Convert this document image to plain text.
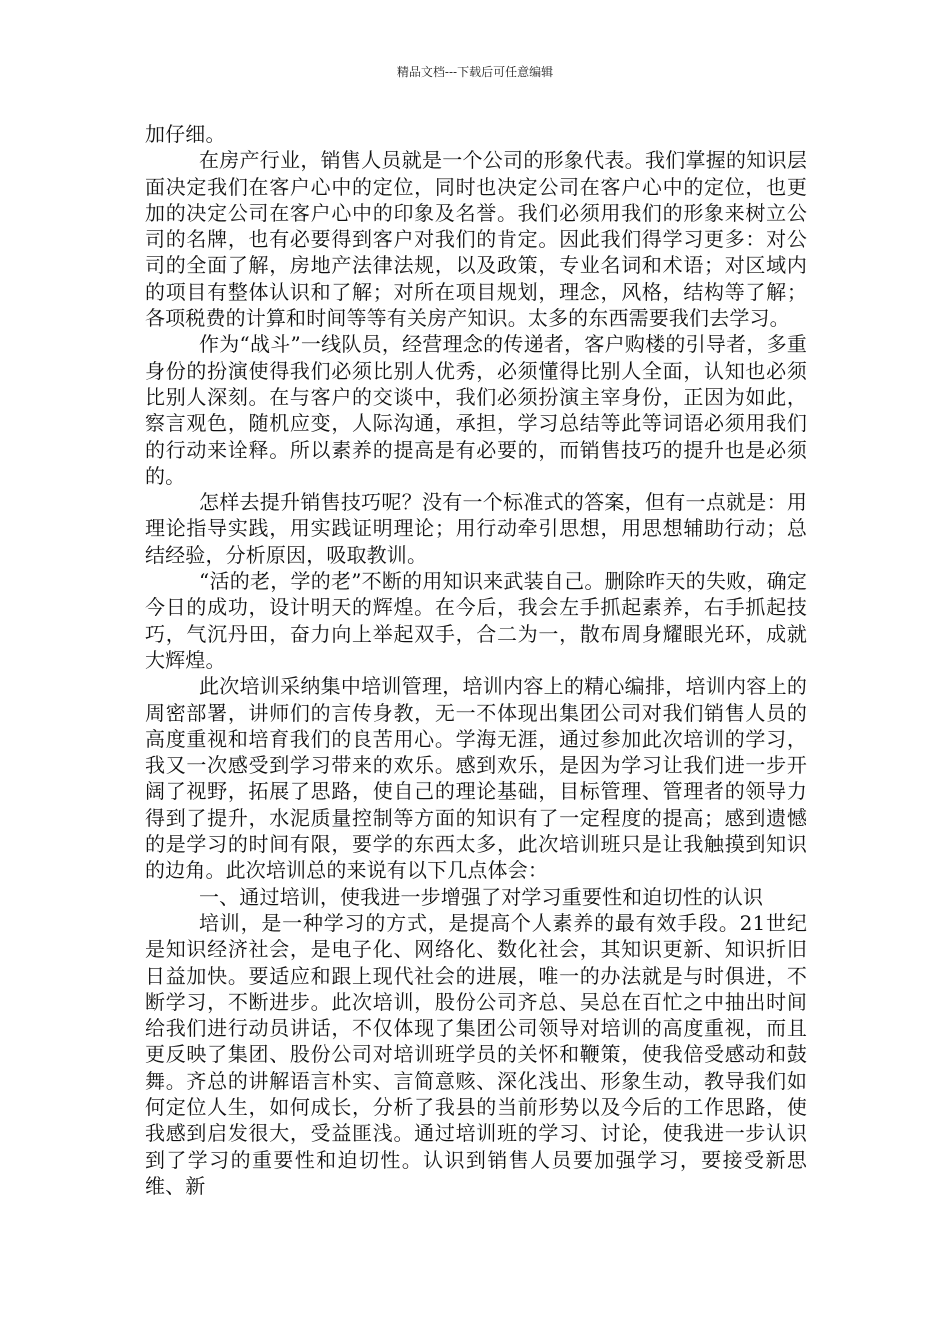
精品文档---下载后可任意编辑

加仔细。

在房产行业，销售人员就是一个公司的形象代表。我们掌握的知识层面决定我们在客户心中的定位，同时也决定公司在客户心中的定位，也更加的决定公司在客户心中的印象及名誉。我们必须用我们的形象来树立公司的名牌，也有必要得到客户对我们的肯定。因此我们得学习更多：对公司的全面了解，房地产法律法规，以及政策，专业名词和术语；对区域内的项目有整体认识和了解；对所在项目规划，理念，风格，结构等了解；各项税费的计算和时间等等有关房产知识。太多的东西需要我们去学习。

作为“战斗”一线队员，经营理念的传递者，客户购楼的引导者，多重身份的扮演使得我们必须比别人优秀，必须懂得比别人全面，认知也必须比别人深刻。在与客户的交谈中，我们必须扮演主宰身份，正因为如此，察言观色，随机应变，人际沟通，承担，学习总结等此等词语必须用我们的行动来诠释。所以素养的提高是有必要的，而销售技巧的提升也是必须的。

怎样去提升销售技巧呢？没有一个标准式的答案，但有一点就是：用理论指导实践，用实践证明理论；用行动牵引思想，用思想辅助行动；总结经验，分析原因，吸取教训。

“活的老，学的老”不断的用知识来武装自己。删除昨天的失败，确定今日的成功，设计明天的辉煌。在今后，我会左手抓起素养，右手抓起技巧，气沉丹田，奋力向上举起双手，合二为一，散布周身耀眼光环，成就大辉煌。

此次培训采纳集中培训管理，培训内容上的精心编排，培训内容上的周密部署，讲师们的言传身教，无一不体现出集团公司对我们销售人员的高度重视和培育我们的良苦用心。学海无涯，通过参加此次培训的学习，我又一次感受到学习带来的欢乐。感到欢乐，是因为学习让我们进一步开阔了视野，拓展了思路，使自己的理论基础，目标管理、管理者的领导力得到了提升，水泥质量控制等方面的知识有了一定程度的提高；感到遗憾的是学习的时间有限，要学的东西太多，此次培训班只是让我触摸到知识的边角。此次培训总的来说有以下几点体会：

一、通过培训，使我进一步增强了对学习重要性和迫切性的认识

培训，是一种学习的方式，是提高个人素养的最有效手段。21世纪是知识经济社会，是电子化、网络化、数化社会，其知识更新、知识折旧日益加快。要适应和跟上现代社会的进展，唯一的办法就是与时俱进，不断学习，不断进步。此次培训，股份公司齐总、吴总在百忙之中抽出时间给我们进行动员讲话，不仅体现了集团公司领导对培训的高度重视，而且更反映了集团、股份公司对培训班学员的关怀和鞭策，使我倍受感动和鼓舞。齐总的讲解语言朴实、言简意赅、深化浅出、形象生动，教导我们如何定位人生，如何成长，分析了我县的当前形势以及今后的工作思路，使我感到启发很大，受益匪浅。通过培训班的学习、讨论，使我进一步认识到了学习的重要性和迫切性。认识到销售人员要加强学习，要接受新思维、新
